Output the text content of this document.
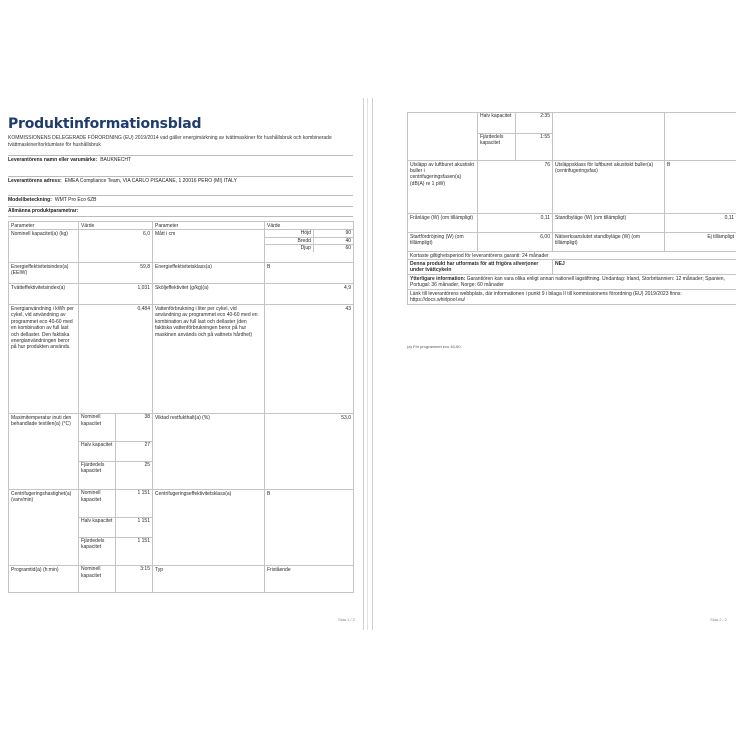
Produktinformationsblad
KOMMISSIONENS DELEGERADE FÖRORDNING (EU) 2019/2014 vad gäller energimärkning av tvättmaskiner för hushållsbruk och kombinerade tvättmaskiner/torktumlare för hushållsbruk
Leverantörens namn eller varumärke: BAUKNECHT
Leverantörens adress: EMEA Compliance Team, VIA CARLO PISACANE, 1 20016 PERO (MI) ITALY
Modellbeteckning: WMT Pro Eco 6ZB
Allmänna produktparametrar:
Parameter	Värde	Parameter	Värde
Nominell kapacitet(a) (kg)	6,0	Mått i cm		Höjd	90
Bredd	40
Djup	60

Energieffektivitetsindex(a) (EEIW)	59,8	Energieffektivitetsklass(a)	B
Tvätteffektivitetsindex(a)	1,031	Sköljeffektivitet (g/kg)(a)	4,9
Energianvändning i kWh per cykel, vid användning av programmet eco 40-60 med en kombination av full last och dellaster. Den faktiska energianvändningen beror på hur produkten används.	0,484	Vattenförbrukning i liter per cykel, vid användning av programmet eco 40-60 med en kombination av full last och dellaster (den faktiska vattenförbrukningen beror på hur maskinen används och på vattnets hårdhet)	43
Maximitemperatur inuti den behandlade textilen(a) (°C)	
Nominell kapacitet	38
Halv kapacitet	27
Fjärdedels kapacitet	25
	Viktad restfukthalt(a) (%)	53,0
Centrifugeringshastighet(a) (varv/min)	
Nominell kapacitet	1 151
Halv kapacitet	1 151
Fjärdedels kapacitet	1 151
	Centrifugeringseffektivitetsklass(a)	B
Programtid(a) (h:min)		Nominell kapacitet	3:15
	Typ	Fristående
Sida 1 / 2

Halv kapacitet	2:35
Fjärdedels kapacitet	1:55

Utsläpp av luftburet akustiskt buller i centrifugeringsfasen(a) (dB(A) re 1 pW)	76	Utsläppsklass för luftburet akustiskt buller(a) (centrifugeringsfas)	B
Frånläge (W) (om tillämpligt)	0,11	Standbyläge (W) (om tillämpligt)	0,11
Startfördröjning (W) (om tillämpligt)	6,00	Nätverksanslutet standbyläge (W) (om tillämpligt)	Ej tillämpligt
Kortaste giltighetsperiod för leverantörens garanti: 24 månader
Denna produkt har utformats för att frigöra silverjoner under tvättcykeln	NEJ
Ytterligare information: Garantiören kan vara olika enligt annan nationell lagstiftning. Undantag: Irland, Storbritannien: 12 månader; Spanien, Portugal: 36 månader; Norge: 60 månader
Länk till leverantörens webbplats, där informationen i punkt 9 i bilaga II till kommissionens förordning (EU) 2019/2023 finns: https://docs.whirlpool.eu/
(a) För programmet eco 40-60.
Sida 2 / 2
